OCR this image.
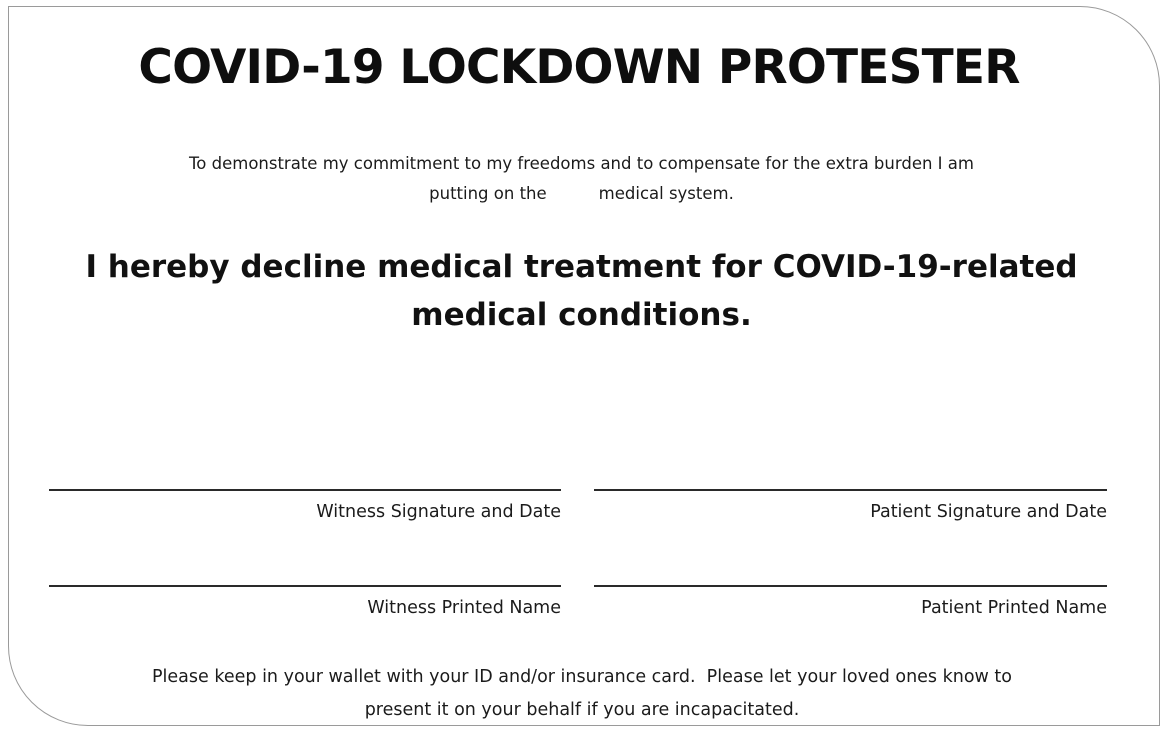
COVID-19 LOCKDOWN PROTESTER
To demonstrate my commitment to my freedoms and to compensate for the extra burden I am
putting on the	medical system.
I hereby decline medical treatment for COVID-19-related
medical conditions.
Witness Signature and Date	Patient Signature and Date
Witness Printed Name	Patient Printed Name
Please keep in your wallet with your ID and/or insurance card.  Please let your loved ones know to
present it on your behalf if you are incapacitated.
